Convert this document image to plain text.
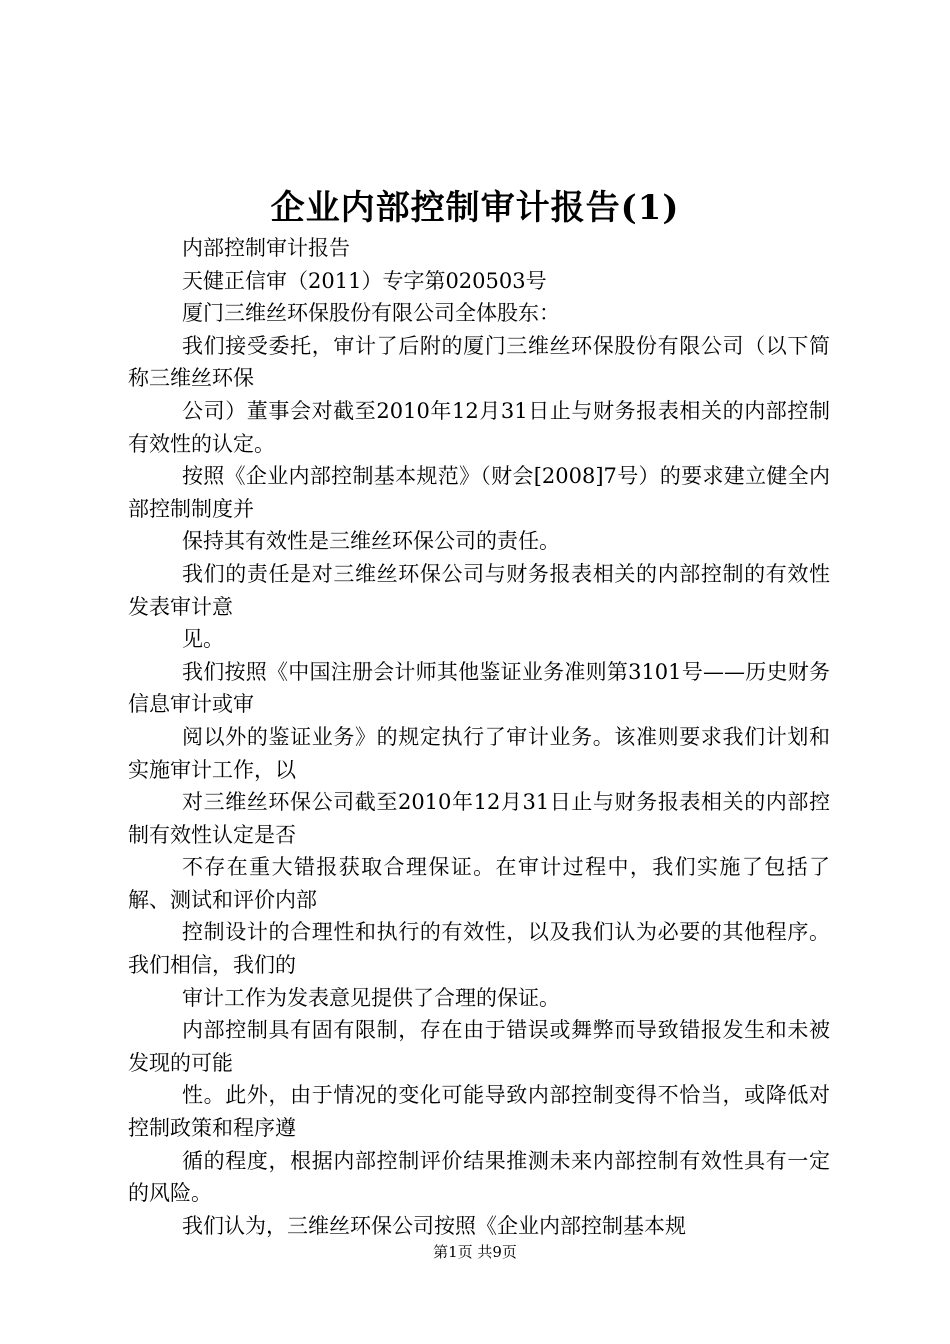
企业内部控制审计报告(1)

内部控制审计报告

天健正信审（2011）专字第020503号

厦门三维丝环保股份有限公司全体股东：

我们接受委托，审计了后附的厦门三维丝环保股份有限公司（以下简称三维丝环保

公司）董事会对截至2010年12月31日止与财务报表相关的内部控制有效性的认定。

按照《企业内部控制基本规范》（财会[2008]7号）的要求建立健全内部控制制度并

保持其有效性是三维丝环保公司的责任。

我们的责任是对三维丝环保公司与财务报表相关的内部控制的有效性发表审计意

见。

我们按照《中国注册会计师其他鉴证业务准则第3101号——历史财务信息审计或审

阅以外的鉴证业务》的规定执行了审计业务。该准则要求我们计划和实施审计工作，以

对三维丝环保公司截至2010年12月31日止与财务报表相关的内部控制有效性认定是否

不存在重大错报获取合理保证。在审计过程中，我们实施了包括了解、测试和评价内部

控制设计的合理性和执行的有效性，以及我们认为必要的其他程序。我们相信，我们的

审计工作为发表意见提供了合理的保证。

内部控制具有固有限制，存在由于错误或舞弊而导致错报发生和未被发现的可能

性。此外，由于情况的变化可能导致内部控制变得不恰当，或降低对控制政策和程序遵

循的程度，根据内部控制评价结果推测未来内部控制有效性具有一定的风险。

我们认为，三维丝环保公司按照《企业内部控制基本规

第1页 共9页
